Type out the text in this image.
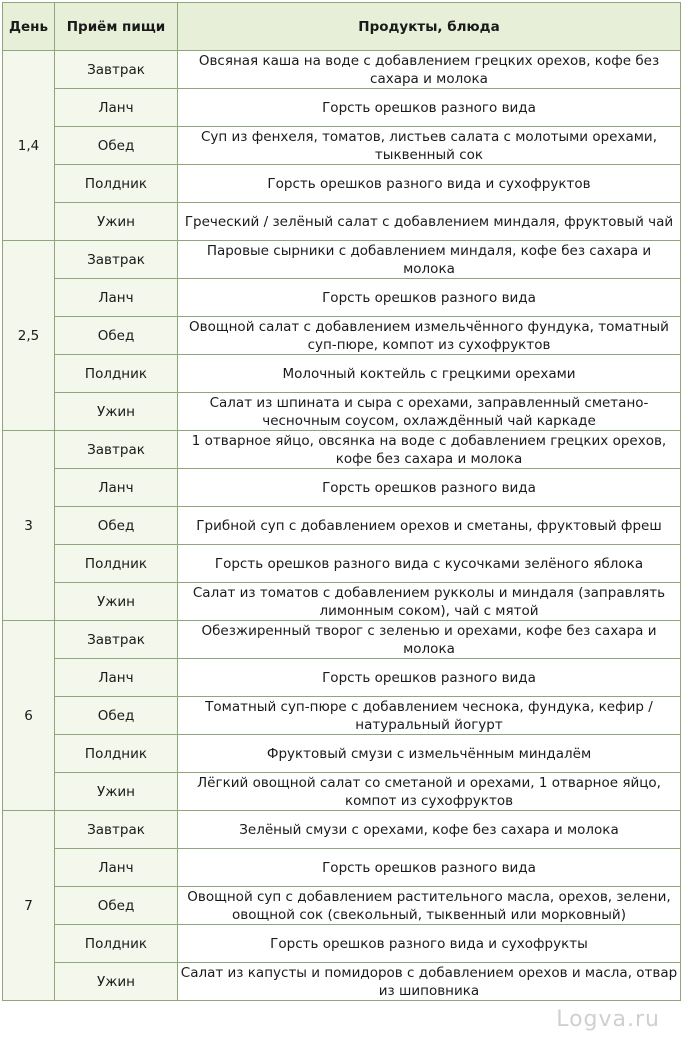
День	Приём пищи	Продукты, блюда
1,4	Завтрак	Овсяная каша на воде с добавлением грецких орехов, кофе без сахара и молока
	Ланч	Горсть орешков разного вида
	Обед	Суп из фенхеля, томатов, листьев салата с молотыми орехами, тыквенный сок
	Полдник	Горсть орешков разного вида и сухофруктов
	Ужин	Греческий / зелёный салат с добавлением миндаля, фруктовый чай
2,5	Завтрак	Паровые сырники с добавлением миндаля, кофе без сахара и молока
	Ланч	Горсть орешков разного вида
	Обед	Овощной салат с добавлением измельчённого фундука, томатный суп-пюре, компот из сухофруктов
	Полдник	Молочный коктейль с грецкими орехами
	Ужин	Салат из шпината и сыра с орехами, заправленный сметано-чесночным соусом, охлаждённый чай каркаде
3	Завтрак	1 отварное яйцо, овсянка на воде с добавлением грецких орехов, кофе без сахара и молока
	Ланч	Горсть орешков разного вида
	Обед	Грибной суп с добавлением орехов и сметаны, фруктовый фреш
	Полдник	Горсть орешков разного вида с кусочками зелёного яблока
	Ужин	Салат из томатов с добавлением рукколы и миндаля (заправлять лимонным соком), чай с мятой
6	Завтрак	Обезжиренный творог с зеленью и орехами, кофе без сахара и молока
	Ланч	Горсть орешков разного вида
	Обед	Томатный суп-пюре с добавлением чеснока, фундука, кефир / натуральный йогурт
	Полдник	Фруктовый смузи с измельчённым миндалём
	Ужин	Лёгкий овощной салат со сметаной и орехами, 1 отварное яйцо, компот из сухофруктов
7	Завтрак	Зелёный смузи с орехами, кофе без сахара и молока
	Ланч	Горсть орешков разного вида
	Обед	Овощной суп с добавлением растительного масла, орехов, зелени, овощной сок (свекольный, тыквенный или морковный)
	Полдник	Горсть орешков разного вида и сухофрукты
	Ужин	Салат из капусты и помидоров с добавлением орехов и масла, отвар из шиповника
Logva.ru
